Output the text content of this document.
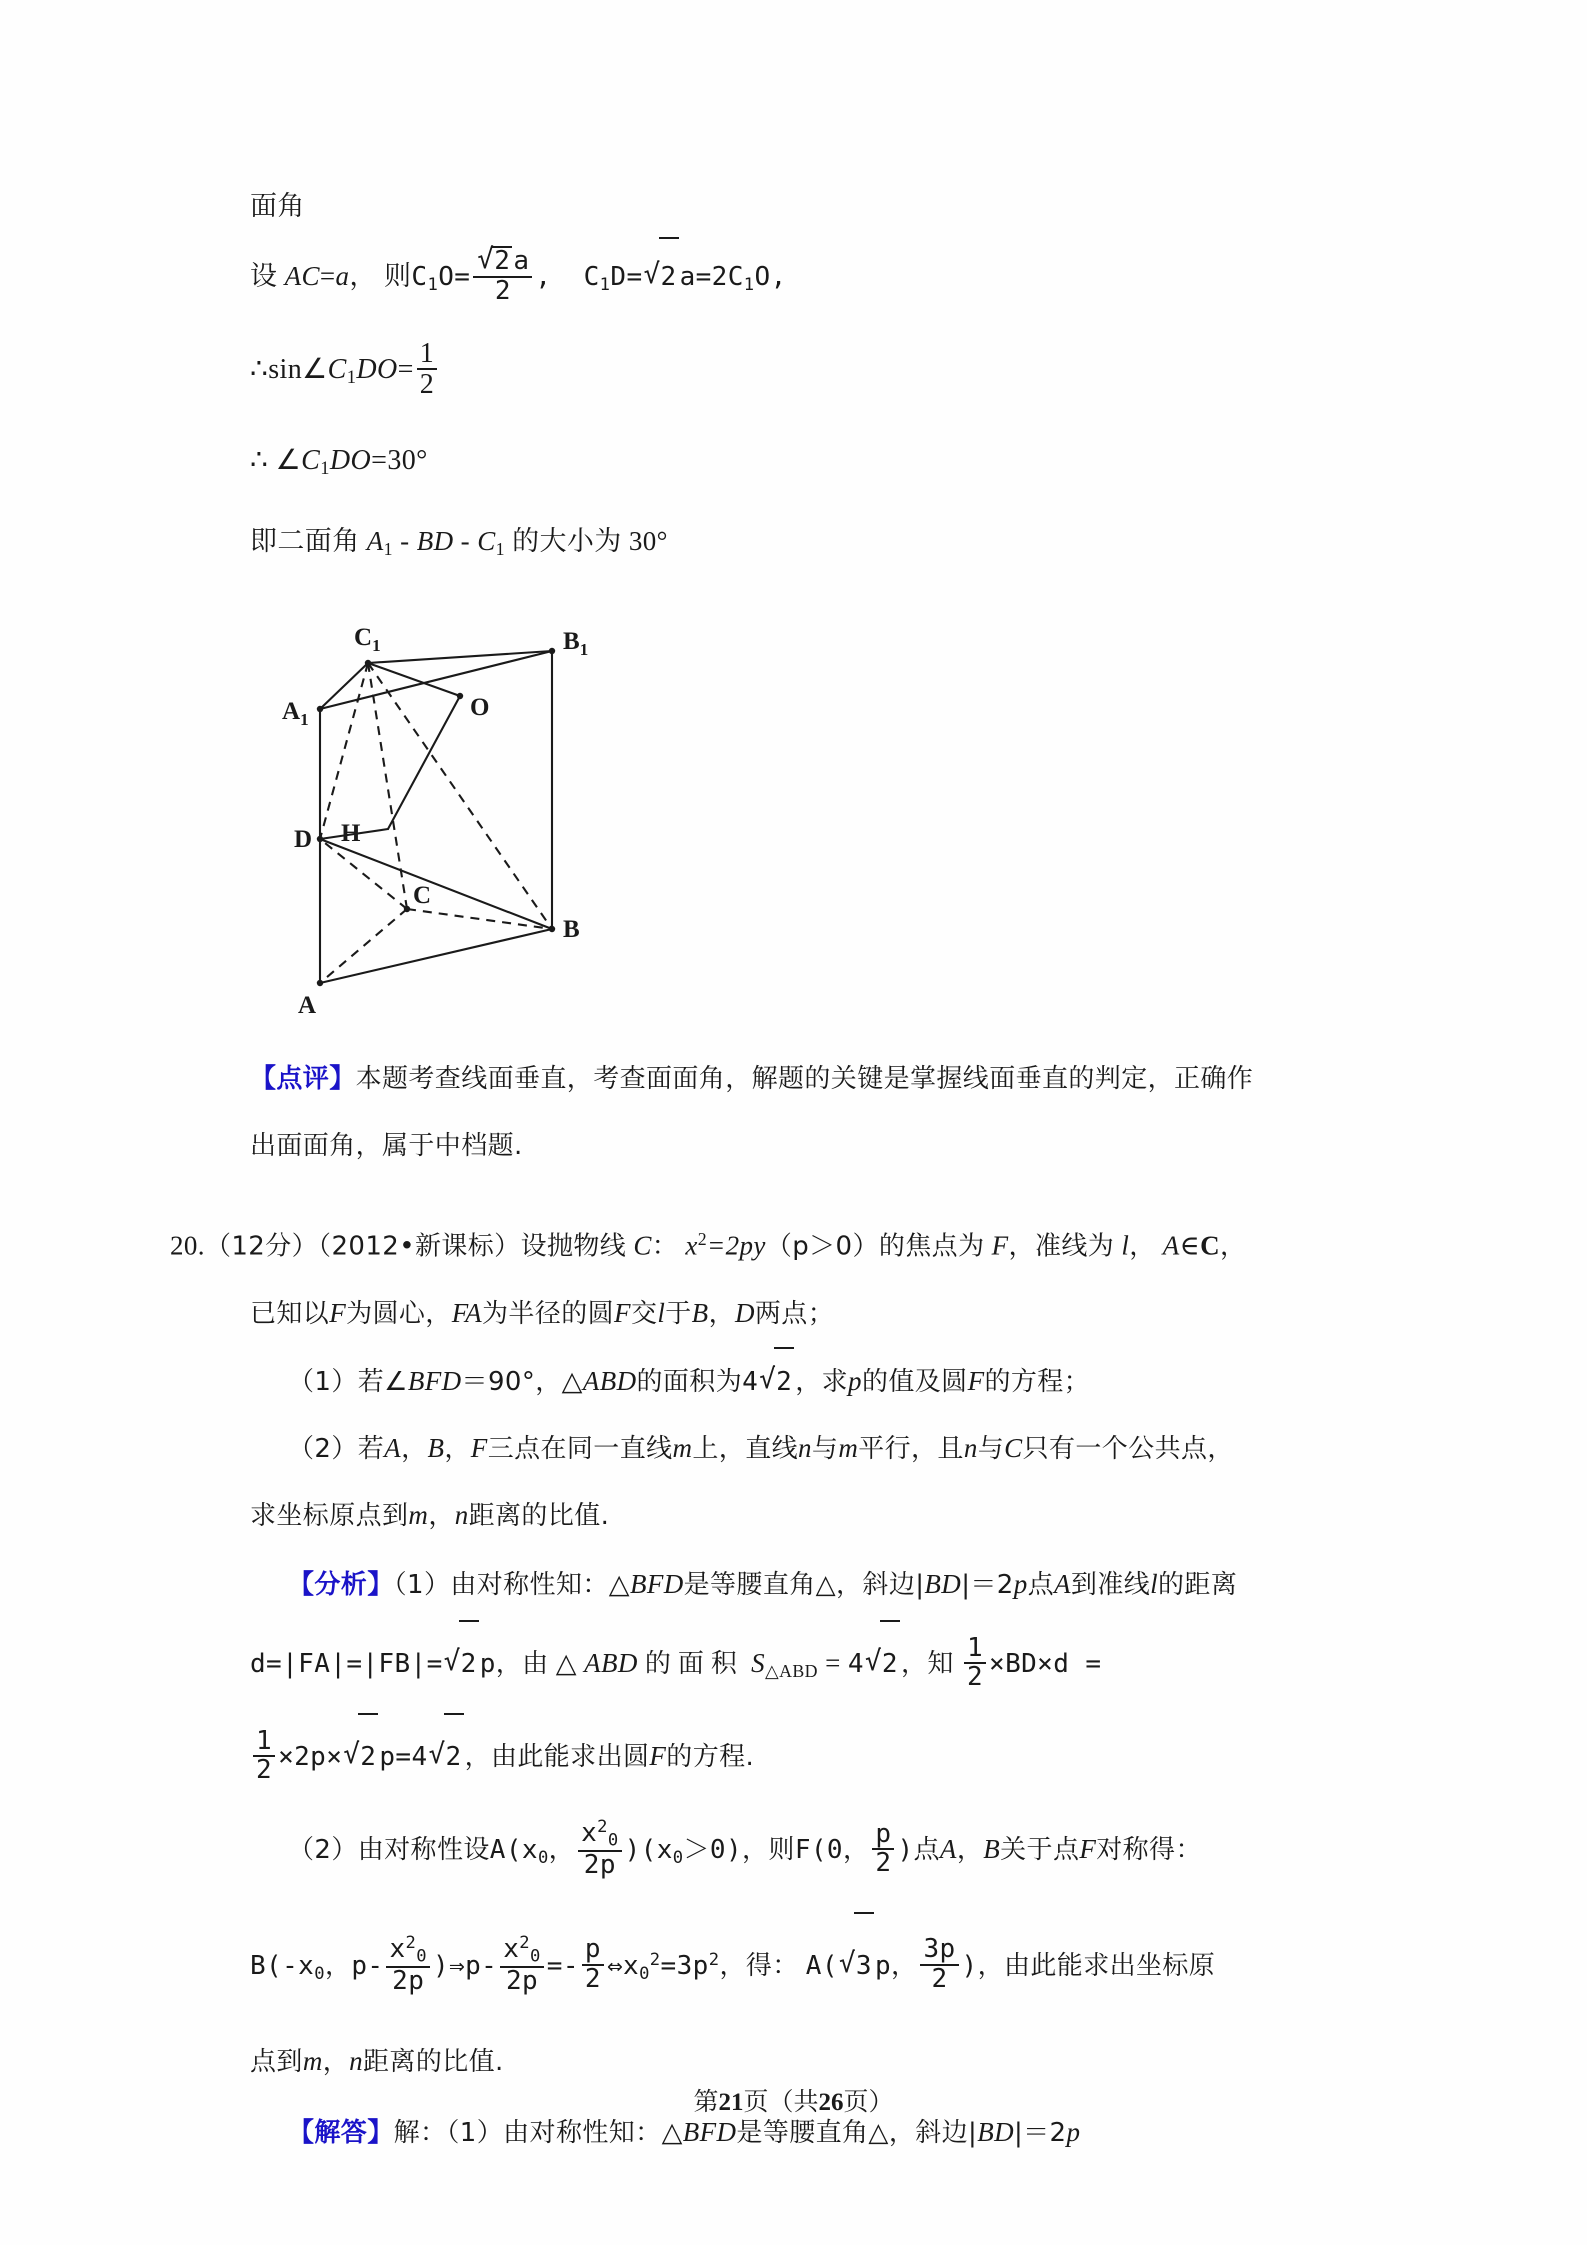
面角
设 AC=a， 则$C_1O=$ √ $\frac{2 a}{2}$ , $C_1D=$ √ 2 $a=2C_1O$,
$\therefore\sin\angle C_1DO= \frac{1}{2}$
∴ $\angle C_1DO=30^\circ$
即二面角 $A_1$ - BD - $C_1$ 的大小为 30°
$C_1$	$B_1$
$A_1$	O
D H
C
B
A
【点评】本题考查线面垂直，考查面面角，解题的关键是掌握线面垂直的判定，正确作
出面面角，属于中档题.
20.（12分）（2012•新课标）设抛物线 C： $x^2=2py(p>0)$的焦点为 F，准线为 l， A∈C，
已知以F为圆心，FA为半径的圆F交l于B，D两点；
（1）若∠BFD＝90°，△ABD的面积为4 √ 2 ，求p的值及圆F的方程；
（2）若A，B，F三点在同一直线m上，直线n与m平行，且n与C只有一个公共点，
求坐标原点到m，n距离的比值.
【分析】（1）由对称性知：△BFD是等腰直角△，斜边|BD|＝2p点A到准线l的距离
d=|FA|=|FB|= √ 2 p，由 △ ABD 的面积 $S_{\triangle ABD} = 4$ √ 2 ，知 $\frac{1}{2} \times BD\times d$ =
$\frac{1}{2} \times 2p\times$ √ 2 p=4 √ 2 ，由此能求出圆F的方程.
（2）由对称性设$A(x_0$， $\frac{x^2_0}{2p} )(x_0>0)$，则F(0， $\frac{p}{2}$ )点A，B关于点F对称得：
$B(-x_0$，$p- \frac{x^2_0}{2p}$ )⇒p- $\frac{x^2_0}{2p} =- \frac{p}{2}$ $\Leftrightarrow x_0^2=3p^2$，得： A( √ 3 p， $\frac{3p}{2}$ )，由此能求出坐标原
点到m，n距离的比值.
【解答】解：（1）由对称性知：△BFD是等腰直角△，斜边|BD|＝2p
第21页（共26页）
